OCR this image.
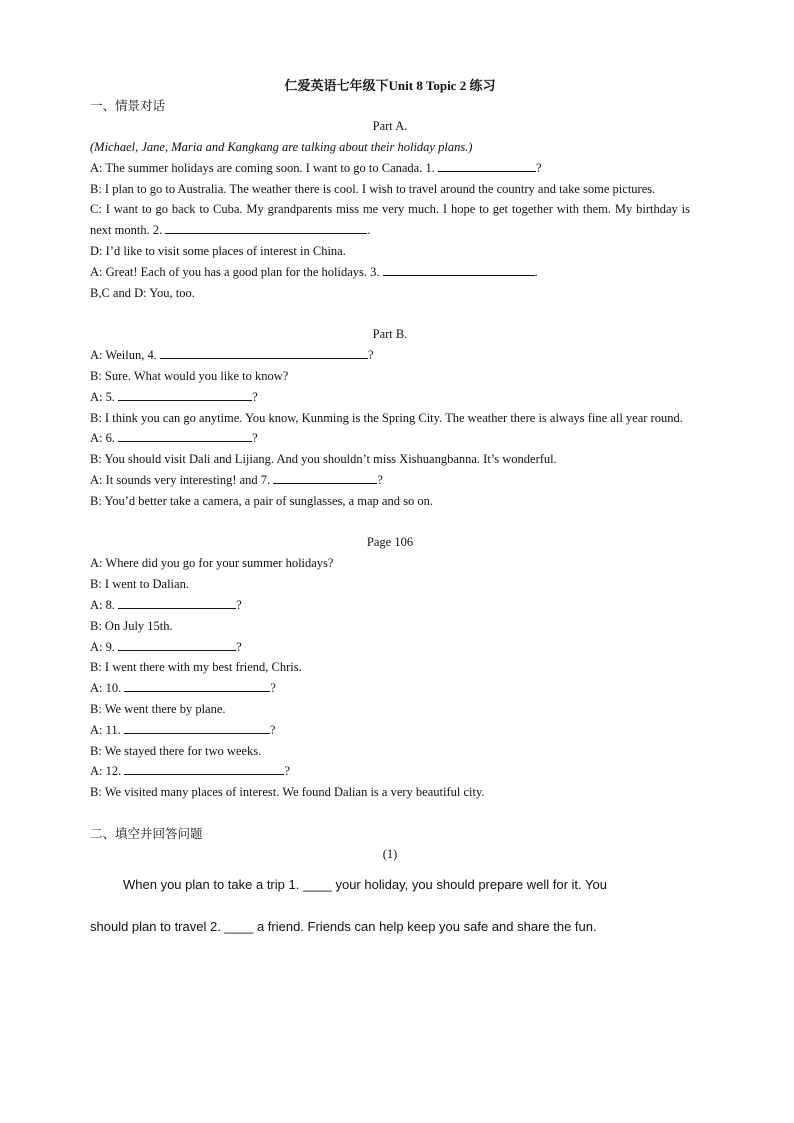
仁爱英语七年级下Unit 8 Topic 2 练习

一、情景对话

Part A.

(Michael, Jane, Maria and Kangkang are talking about their holiday plans.)

A: The summer holidays are coming soon. I want to go to Canada. 1.	?

B: I plan to go to Australia. The weather there is cool. I wish to travel around the country and take some pictures.

C: I want to go back to Cuba. My grandparents miss me very much. I hope to get together with them. My birthday is next month. 2.	.

D: I’d like to visit some places of interest in China.

A: Great! Each of you has a good plan for the holidays. 3.	.

B,C and D: You, too.

Part B.

A: Weilun, 4.	?

B: Sure. What would you like to know?

A: 5.	?

B: I think you can go anytime. You know, Kunming is the Spring City. The weather there is always fine all year round.

A: 6.	?

B: You should visit Dali and Lijiang. And you shouldn’t miss Xishuangbanna. It’s wonderful.

A: It sounds very interesting! and 7.	?

B: You’d better take a camera, a pair of sunglasses, a map and so on.

Page 106

A: Where did you go for your summer holidays?

B: I went to Dalian.

A: 8.	?

B: On July 15th.

A: 9.	?

B: I went there with my best friend, Chris.

A: 10.	?

B: We went there by plane.

A: 11.	?

B: We stayed there for two weeks.

A: 12.	?

B: We visited many places of interest. We found Dalian is a very beautiful city.

二、填空并回答问题

(1)

When you plan to take a trip 1. ____ your holiday, you should prepare well for it. You

should plan to travel 2. ____ a friend. Friends can help keep you safe and share the fun.
